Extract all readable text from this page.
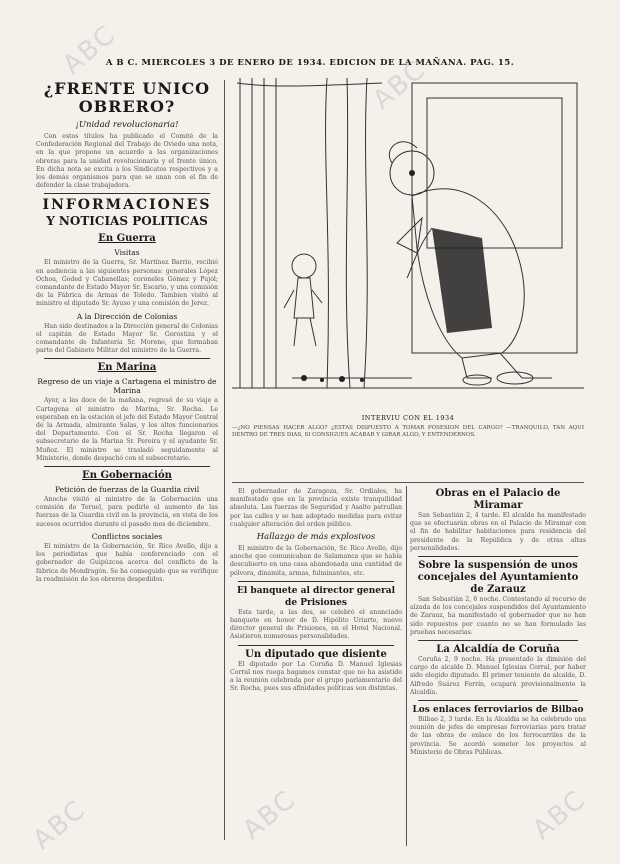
ABC
ABC
ABC	ABC	ABC
A B C. MIERCOLES 3 DE ENERO DE 1934. EDICION DE LA MAÑANA. PAG. 15.
¿FRENTE UNICO
OBRERO?
¡Unidad revolucionaria!

Con estos títulos ha publicado el Comité de la Confederación Regional del Trabajo de Oviedo una nota, en la que propone un acuerdo a las organizaciones obreras para la unidad revolucionaria y el frente único. En dicha nota se excita a los Sindicatos respectivos y a los demás organismos para que se unan con el fin de defender la clase trabajadora.

INFORMACIONES
Y NOTICIAS POLITICAS
En Guerra
Visitas

El ministro de la Guerra, Sr. Martínez Barrio, recibió en audiencia a las siguientes personas: generales López Ochoa, Goded y Cabanellas; coroneles Gómez y Pujol; comandante de Estado Mayor Sr. Escario, y una comisión de la Fábrica de Armas de Toledo. Tambien visitó al ministro el diputado Sr. Ayuso y una comisión de Jerez.

A la Dirección de Colonias

Han sido destinados a la Dirección general de Colonias el capitán de Estado Mayor Sr. Gorostiza y el comandante de Infantería Sr. Moreno, que formaban parte del Gabinete Militar del ministro de la Guerra.

En Marina
Regreso de un viaje a Cartagena el ministro de Marina

Ayer, a las doce de la mañana, regresó de su viaje a Cartagena el ministro de Marina, Sr. Rocha. Le esperaban en la estación el jefe del Estado Mayor Central de la Armada, almirante Salas, y los altos funcionarios del Departamento. Con el Sr. Rocha llegaron el subsecretario de la Marina Sr. Pereira y el ayudante Sr. Muñoz. El ministro se trasladó seguidamente al Ministerio, donde despachó con el subsecretario.

En Gobernación
Petición de fuerzas de la Guardia civil

Anoche visitó al ministro de la Gobernación una comisión de Teruel, para pedirle el aumento de las fuerzas de la Guardia civil en la provincia, en vista de los sucesos ocurridos durante el pasado mes de diciembre.

Conflictos sociales

El ministro de la Gobernación, Sr. Rico Avello, dijo a los periodistas que había conferenciado con el gobernador de Guipúzcoa acerca del conflicto de la fábrica de Mondragón. Se ha conseguido que se verifique la readmisión de los obreros despedidos.

INTERVIU CON EL 1934
—¿NO PIENSAS HACER ALGO? ¿ESTAS DISPUESTO A TOMAR POSESION DEL CARGO? —TRANQUILO, TAN AQUI DENTRO DE TRES DIAS, SI CONSIGUES ACABAR Y GIRAR ALGO, Y ENTENDERNOS.

El gobernador de Zaragoza, Sr. Ordiales, ha manifestado que en la provincia existe tranquilidad absoluta. Las fuerzas de Seguridad y Asalto patrullan por las calles y se han adoptado medidas para evitar cualquier alteración del orden público.

Hallazgo de más explosivos

El ministro de la Gobernación, Sr. Rico Avello, dijo anoche que comunicaban de Salamanca que se había descubierto en una casa abandonada una cantidad de pólvora, dinamita, armas, fulminantes, etc.

El banquete al director general de Prisiones

Esta tarde, a las dos, se celebró el anunciado banquete en honor de D. Hipólito Uriarte, nuevo director general de Prisiones, en el Hotel Nacional. Asistieron numerosas personalidades.

Un diputado que disiente

El diputado por La Coruña D. Manuel Iglesias Corral nos ruega hagamos constar que no ha asistido a la reunión celebrada por el grupo parlamentario del Sr. Rocha, pues sus afinidades políticas son distintas.

Obras en el Palacio de Miramar

San Sebastián 2, 4 tarde. El alcalde ha manifestado que se efectuarán obras en el Palacio de Miramar con el fin de habilitar habitaciones para residencia del presidente de la República y de otras altas personalidades.

Sobre la suspensión de unos concejales del Ayuntamiento de Zarauz

San Sebastián 2, 6 noche. Contestando al recurso de alzada de los concejales suspendidos del Ayuntamiento de Zarauz, ha manifestado el gobernador que no han sido repuestos por cuanto no se han formulado las pruebas necesarias.

La Alcaldía de Coruña

Coruña 2, 9 noche. Ha presentado la dimisión del cargo de alcalde D. Manuel Iglesias Corral, por haber sido elegido diputado. El primer teniente de alcalde, D. Alfredo Suárez Ferrín, ocupará provisionalmente la Alcaldía.

Los enlaces ferroviarios de Bilbao

Bilbao 2, 3 tarde. En la Alcaldía se ha celebrado una reunión de jefes de empresas ferroviarias para tratar de las obras de enlace de los ferrocarriles de la provincia. Se acordó someter los proyectos al Ministerio de Obras Públicas.
